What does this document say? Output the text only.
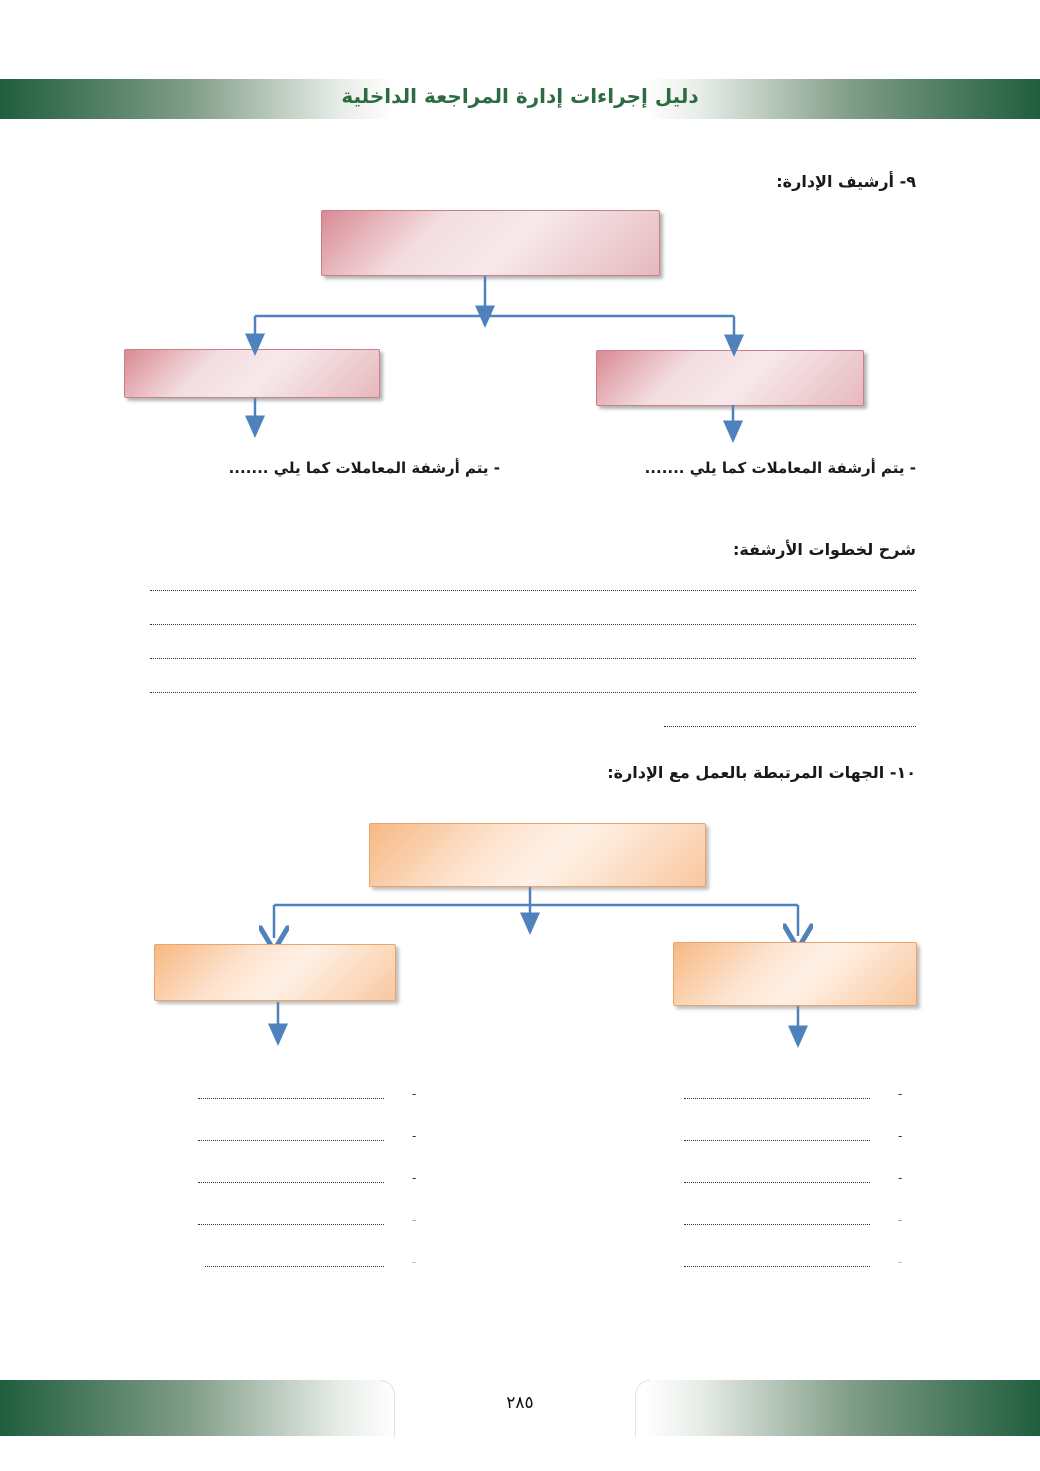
دليل إجراءات إدارة المراجعة الداخلية
٩- أرشيف الإدارة:
- يتم أرشفة المعاملات كما يلي .......
- يتم أرشفة المعاملات كما يلي .......
شرح لخطوات الأرشفة:
١٠- الجهات المرتبطة بالعمل مع الإدارة:
-
-
-
-
-
-
-
-
-
-
٢٨٥
